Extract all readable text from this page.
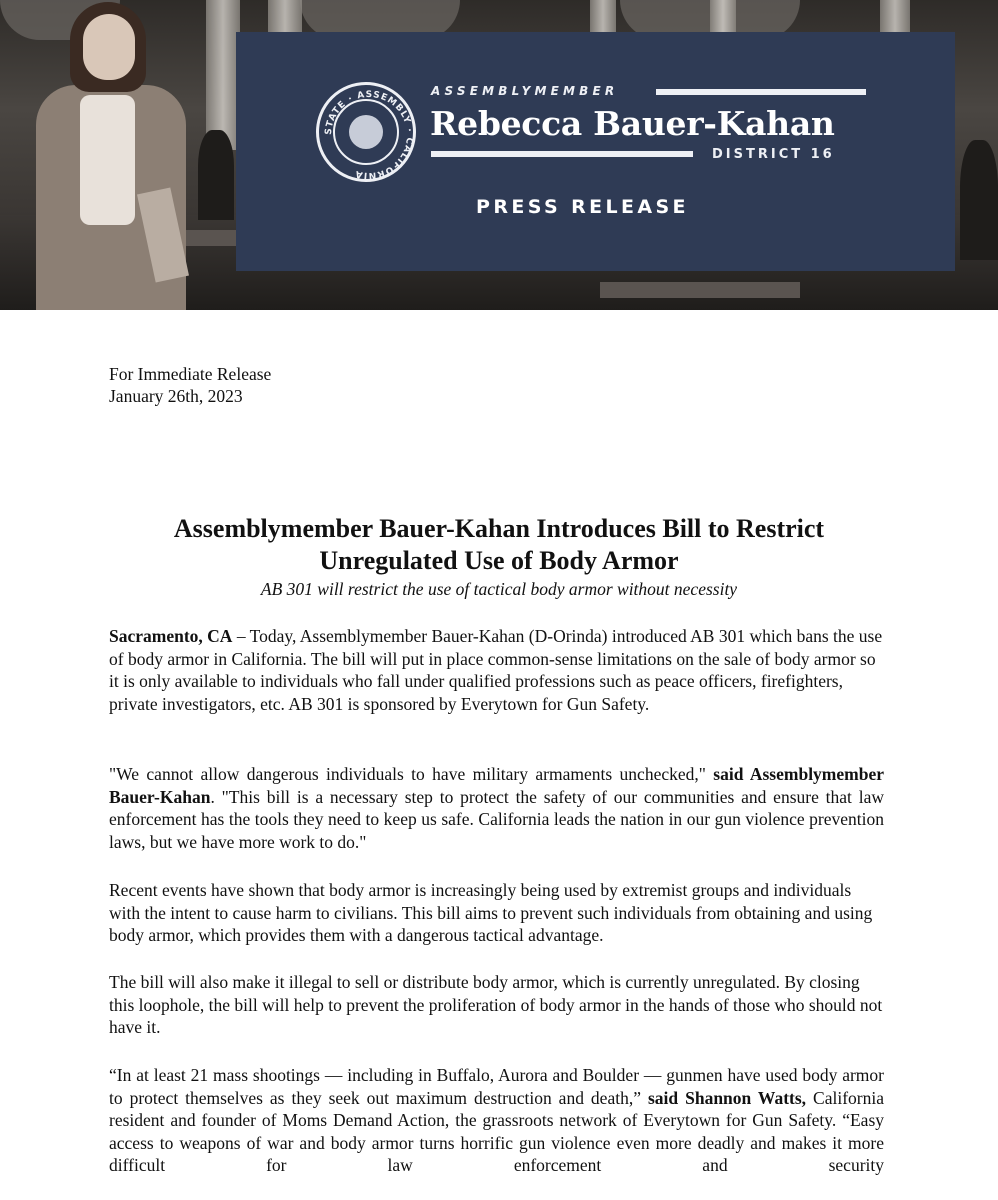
STATE · ASSEMBLY · CALIFORNIA
ASSEMBLYMEMBER
Rebecca Bauer-Kahan
DISTRICT 16
PRESS RELEASE
For Immediate Release
January 26th, 2023
Assemblymember Bauer-Kahan Introduces Bill to Restrict
Unregulated Use of Body Armor
AB 301 will restrict the use of tactical body armor without necessity

Sacramento, CA – Today, Assemblymember Bauer-Kahan (D-Orinda) introduced AB 301 which bans the use of body armor in California. The bill will put in place common-sense limitations on the sale of body armor so it is only available to individuals who fall under qualified professions such as peace officers, firefighters, private investigators, etc. AB 301 is sponsored by Everytown for Gun Safety.

"We cannot allow dangerous individuals to have military armaments unchecked," said Assemblymember Bauer-Kahan. "This bill is a necessary step to protect the safety of our communities and ensure that law enforcement has the tools they need to keep us safe. California leads the nation in our gun violence prevention laws, but we have more work to do."

Recent events have shown that body armor is increasingly being used by extremist groups and individuals with the intent to cause harm to civilians. This bill aims to prevent such individuals from obtaining and using body armor, which provides them with a dangerous tactical advantage.

The bill will also make it illegal to sell or distribute body armor, which is currently unregulated. By closing this loophole, the bill will help to prevent the proliferation of body armor in the hands of those who should not have it.

“In at least 21 mass shootings — including in Buffalo, Aurora and Boulder — gunmen have used body armor to protect themselves as they seek out maximum destruction and death,” said Shannon Watts, California resident and founder of Moms Demand Action, the grassroots network of Everytown for Gun Safety. “Easy access to weapons of war and body armor turns horrific gun violence even more deadly and makes it more difficult for law enforcement and security
